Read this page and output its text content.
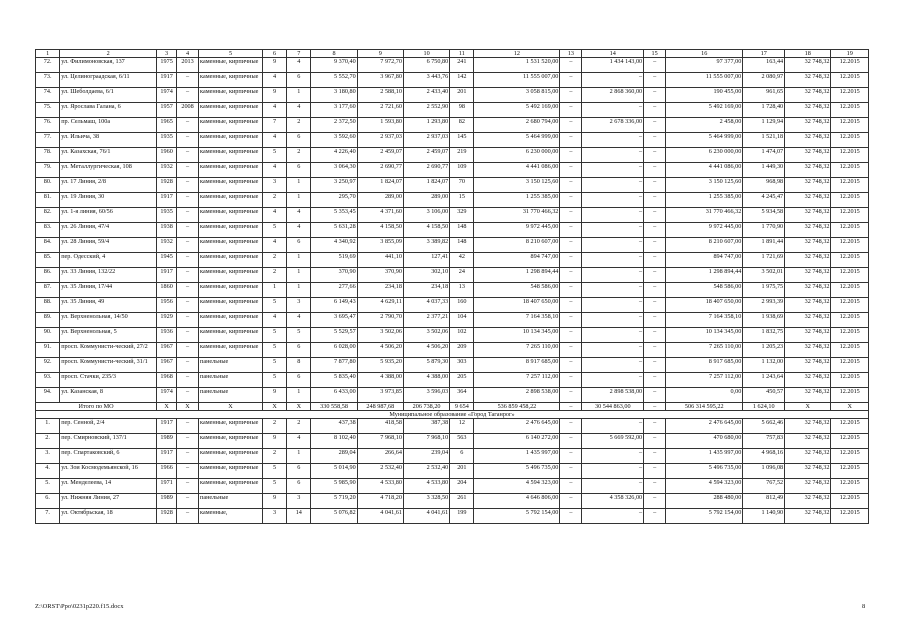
1	2	3	4	5	6	7	8	9	10	11	12	13	14	15	16	17	18	19
72.	ул. Филимоновская, 137	1975	2013	каменные, кирпичные	9	4	9 370,40	7 972,70	6 750,80	241	1 531 520,00	–	1 434 143,00	–	97 377,00	163,44	32 748,32	12.2015
73.	ул. Целинограадская, 6/11	1917	–	каменные, кирпичные	4	6	5 552,70	3 967,80	3 443,76	142	11 555 007,00	–	–	–	11 555 007,00	2 080,97	32 748,32	12.2015
74.	ул. Шеболдаева, 6/1	1974	–	каменные, кирпичные	9	1	3 180,80	2 588,10	2 433,40	201	3 058 815,00	–	2 868 360,00	–	190 455,00	961,65	32 748,32	12.2015
75.	ул. Ярослава Галана, 6	1957	2008	каменные, кирпичные	4	4	3 177,60	2 721,60	2 552,90	98	5 492 169,00	–	–	–	5 492 169,00	1 728,40	32 748,32	12.2015
76.	пр. Сельмаш, 100а	1965	–	каменные, кирпичные	7	2	2 372,50	1 593,80	1 293,80	82	2 680 794,00	–	2 678 336,00	–	2 458,00	1 129,94	32 748,32	12.2015
77.	ул. Ильича, 38	1935	–	каменные, кирпичные	4	6	3 592,60	2 937,03	2 937,03	145	5 464 999,00	–	–	–	5 464 999,00	1 521,18	32 748,32	12.2015
78.	ул. Казахская, 76/1	1960	–	каменные, кирпичные	5	2	4 226,40	2 459,07	2 459,07	219	6 230 000,00	–	–	–	6 230 000,00	1 474,07	32 748,32	12.2015
79.	ул. Металлургическая, 108	1932	–	каменные, кирпичные	4	6	3 064,30	2 690,77	2 690,77	109	4 441 086,00	–	–	–	4 441 086,00	1 449,30	32 748,32	12.2015
80.	ул. 17 Линия, 2/8	1928	–	каменные, кирпичные	3	1	3 250,97	1 824,07	1 824,07	70	3 150 125,60	–	–	–	3 150 125,60	968,98	32 748,32	12.2015
81.	ул. 19 Линия, 30	1917	–	каменные, кирпичные	2	1	295,70	289,00	289,00	15	1 255 385,00	–	–	–	1 255 385,00	4 245,47	32 748,32	12.2015
82.	ул. 1-я линия, 60/56	1935	–	каменные, кирпичные	4	4	5 353,45	4 371,60	3 106,00	329	31 770 466,32	–	–	–	31 770 466,32	5 934,58	32 748,32	12.2015
83.	ул. 26 Линия, 47/4	1938	–	каменные, кирпичные	5	4	5 631,28	4 158,50	4 158,50	148	9 972 445,00	–	–	–	9 972 445,00	1 770,90	32 748,32	12.2015
84.	ул. 28 Линия, 59/4	1932	–	каменные, кирпичные	4	6	4 340,92	3 855,09	3 389,82	148	8 210 607,00	–	–	–	8 210 607,00	1 891,44	32 748,32	12.2015
85.	пер. Одесский, 4	1945	–	каменные, кирпичные	2	1	519,69	441,10	127,41	42	894 747,00	–	–	–	894 747,00	1 721,69	32 748,32	12.2015
86.	ул. 33 Линия, 132/22	1917	–	каменные, кирпичные	2	1	370,90	370,90	302,10	24	1 298 894,44	–	–	–	1 298 894,44	3 502,01	32 748,32	12.2015
87.	ул. 35 Линия, 17/44	1860	–	каменные, кирпичные	1	1	277,66	234,18	234,18	13	548 586,00	–	–	–	548 586,00	1 975,75	32 748,32	12.2015
88.	ул. 35 Линия, 49	1956	–	каменные, кирпичные	5	3	6 149,43	4 629,11	4 037,33	160	18 407 650,00	–	–	–	18 407 650,00	2 993,39	32 748,32	12.2015
89.	ул. Верхненольная, 14/50	1929	–	каменные, кирпичные	4	4	3 695,47	2 790,70	2 377,21	104	7 164 358,10	–	–	–	7 164 358,10	1 938,69	32 748,32	12.2015
90.	ул. Верхненольная, 5	1936	–	каменные, кирпичные	5	5	5 529,57	3 502,06	3 502,06	102	10 134 345,00	–	–	–	10 134 345,00	1 832,75	32 748,32	12.2015
91.	просп. Коммунисти-ческий, 27/2	1967	–	каменные, кирпичные	5	6	6 028,00	4 506,20	4 506,20	209	7 265 110,00	–	–	–	7 265 110,00	1 205,23	32 748,32	12.2015
92.	просп. Коммунисти-ческий, 31/1	1967	–	панельные	5	8	7 877,80	5 935,20	5 879,30	303	8 917 685,00	–	–	–	8 917 685,00	1 132,00	32 748,32	12.2015
93.	просп. Стачки, 235/3	1968	–	панельные	5	6	5 835,40	4 388,00	4 388,00	205	7 257 112,00	–	–	–	7 257 112,00	1 243,64	32 748,32	12.2015
94.	ул. Казанская, 8	1974	–	панельные	9	1	6 433,00	3 973,85	3 596,03	364	2 898 538,00	–	2 898 538,00	–	0,00	450,57	32 748,32	12.2015
Итого по МО		X	X	X	X	X	330 558,58	248 987,68	206 738,20	9 654	536 859 458,22	–	30 544 863,00	–	506 314 595,22	1 624,10	X	X
Муниципальное образование «Город Таганрог»																		
1.	пер. Сенной, 2/4	1917	–	каменные, кирпичные	2	2	437,38	418,58	387,38	12	2 476 645,00	–	–	–	2 476 645,00	5 662,46	32 748,32	12.2015
2.	пер. Смирновский, 137/1	1989	–	каменные, кирпичные	9	4	8 102,40	7 968,10	7 968,10	563	6 140 272,00	–	5 669 592,00	–	470 680,00	757,83	32 748,32	12.2015
3.	пер. Спартаковский, 6	1917	–	каменные, кирпичные	2	1	289,04	266,64	239,04	6	1 435 997,00	–	–	–	1 435 997,00	4 968,16	32 748,32	12.2015
4.	ул. Зои Космодемьянской, 16	1966	–	каменные, кирпичные	5	6	5 014,90	2 532,40	2 532,40	201	5 496 735,00	–	–	–	5 496 735,00	1 096,08	32 748,32	12.2015
5.	ул. Менделеева, 14	1971	–	каменные, кирпичные	5	6	5 985,90	4 533,80	4 533,80	204	4 594 323,00	–	–	–	4 594 323,00	767,52	32 748,32	12.2015
6.	ул. Нижняя Линия, 27	1989	–	панельные	9	3	5 719,20	4 718,20	3 328,50	261	4 646 806,00	–	4 358 326,00	–	288 480,00	812,49	32 748,32	12.2015
7.	ул. Октябрьская, 18	1928	–	каменные,	3	14	5 076,82	4 041,61	4 041,61	199	5 792 154,00	–	–	–	5 792 154,00	1 140,90	32 748,32	12.2015
Z:\ORST\Ppo\0231p220.f15.docx	8
